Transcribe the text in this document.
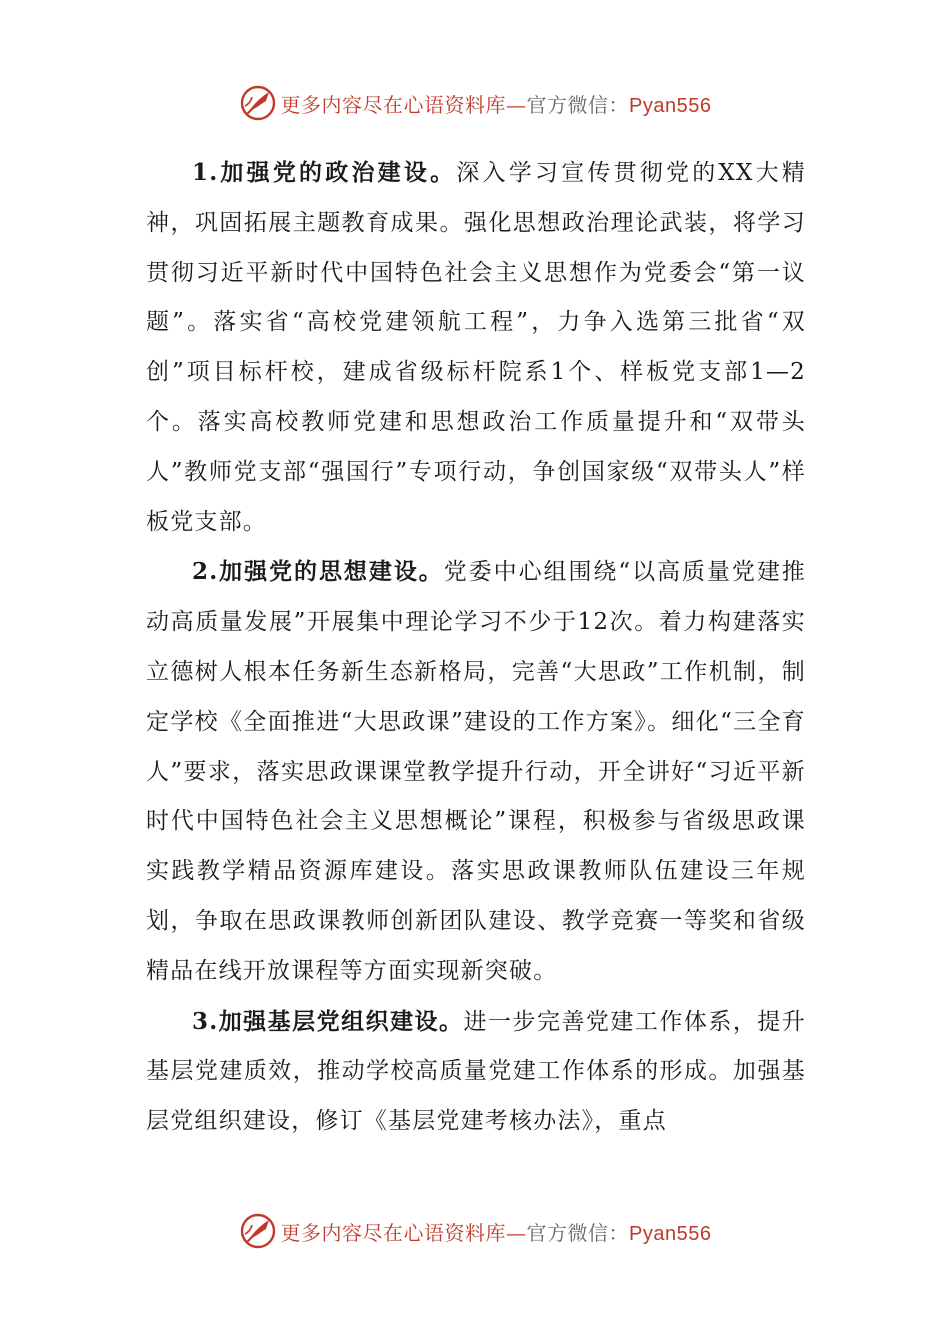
更多内容尽在心语资料库—官方微信：Pyan556

1.加强党的政治建设。深入学习宣传贯彻党的XX大精神，巩固拓展主题教育成果。强化思想政治理论武装，将学习贯彻习近平新时代中国特色社会主义思想作为党委会“第一议题”。落实省“高校党建领航工程”，力争入选第三批省“双创”项目标杆校，建成省级标杆院系1个、样板党支部1—2个。落实高校教师党建和思想政治工作质量提升和“双带头人”教师党支部“强国行”专项行动，争创国家级“双带头人”样板党支部。

2.加强党的思想建设。党委中心组围绕“以高质量党建推动高质量发展”开展集中理论学习不少于12次。着力构建落实立德树人根本任务新生态新格局，完善“大思政”工作机制，制定学校《全面推进“大思政课”建设的工作方案》。细化“三全育人”要求，落实思政课课堂教学提升行动，开全讲好“习近平新时代中国特色社会主义思想概论”课程，积极参与省级思政课实践教学精品资源库建设。落实思政课教师队伍建设三年规划，争取在思政课教师创新团队建设、教学竞赛一等奖和省级精品在线开放课程等方面实现新突破。

3.加强基层党组织建设。进一步完善党建工作体系，提升基层党建质效，推动学校高质量党建工作体系的形成。加强基层党组织建设，修订《基层党建考核办法》，重点

更多内容尽在心语资料库—官方微信：Pyan556
